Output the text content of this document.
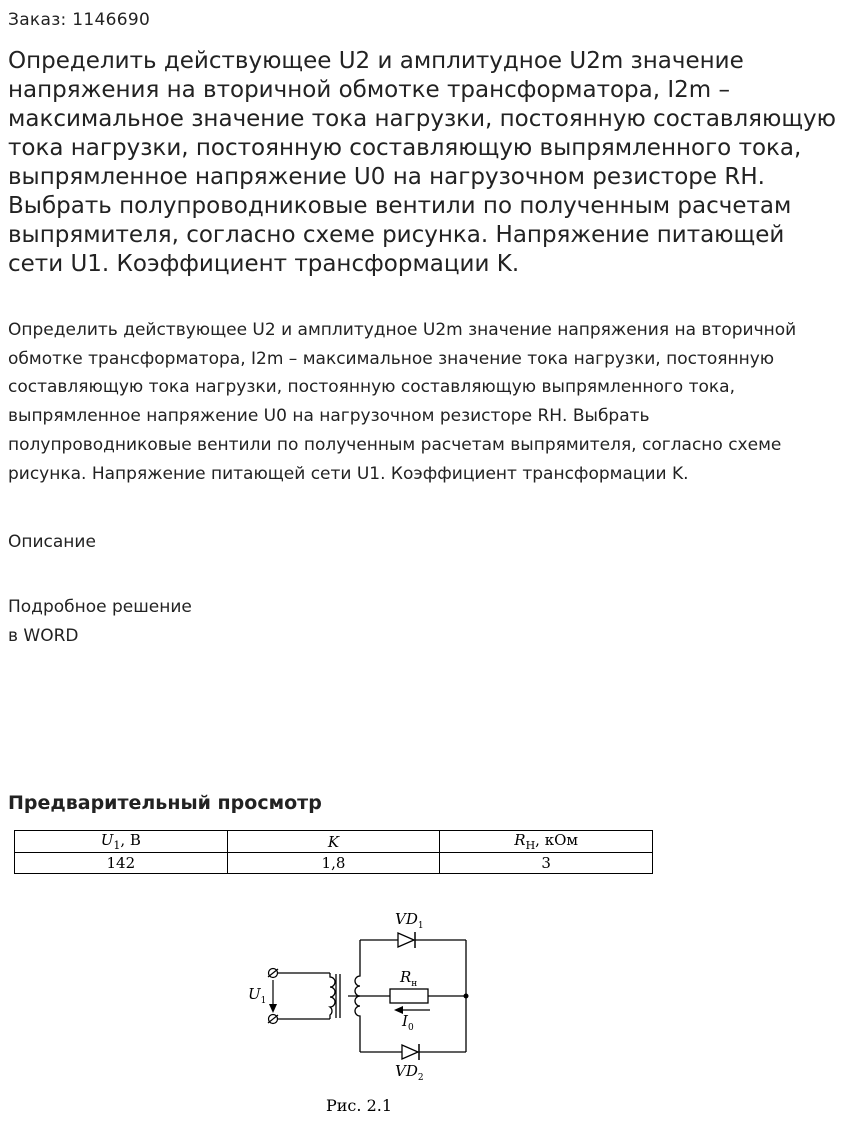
Заказ: 1146690
Определить действующее U2 и амплитудное U2m значение напряжения на вторичной обмотке трансформатора, I2m – максимальное значение тока нагрузки, постоянную составляющую тока нагрузки, постоянную составляющую выпрямленного тока, выпрямленное напряжение U0 на нагрузочном резисторе RН. Выбрать полупроводниковые вентили по полученным расчетам выпрямителя, согласно схеме рисунка. Напряжение питающей сети U1. Коэффициент трансформации K.

Определить действующее U2 и амплитудное U2m значение напряжения на вторичной обмотке трансформатора, I2m – максимальное значение тока нагрузки, постоянную составляющую тока нагрузки, постоянную составляющую выпрямленного тока, выпрямленное напряжение U0 на нагрузочном резисторе RН. Выбрать полупроводниковые вентили по полученным расчетам выпрямителя, согласно схеме рисунка. Напряжение питающей сети U1. Коэффициент трансформации K.

Описание
Подробное решение
в WORD
Предварительный просмотр
$U_1$, В	K	$R_Н$, кОм
142	1,8	3
$VD_1$
$VD_2$
$R_н$
$I_0$
$U_1$
Рис. 2.1
